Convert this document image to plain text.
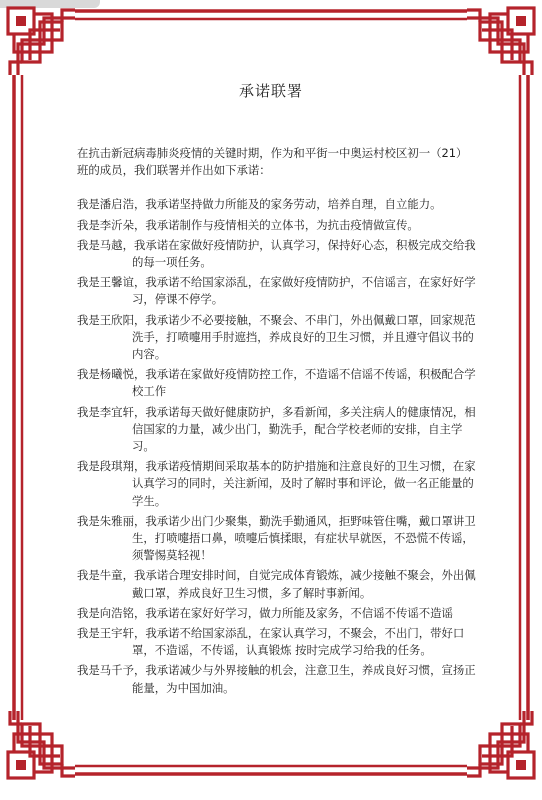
承诺联署

在抗击新冠病毒肺炎疫情的关键时期，作为和平街一中奥运村校区初一（21）班的成员，我们联署并作出如下承诺：

我是潘启浩，我承诺坚持做力所能及的家务劳动，培养自理，自立能力。

我是李沂朵，我承诺制作与疫情相关的立体书，为抗击疫情做宣传。

我是马越，我承诺在家做好疫情防护，认真学习，保持好心态，积极完成交给我的每一项任务。

我是王馨谊，我承诺不给国家添乱，在家做好疫情防护，不信谣言，在家好好学习，停课不停学。

我是王欣阳，我承诺少不必要接触，不聚会、不串门，外出佩戴口罩，回家规范洗手，打喷嚏用手肘遮挡，养成良好的卫生习惯，并且遵守倡议书的内容。

我是杨曦悦，我承诺在家做好疫情防控工作，不造谣不信谣不传谣，积极配合学校工作

我是李宜轩，我承诺每天做好健康防护，多看新闻，多关注病人的健康情况，相信国家的力量，减少出门，勤洗手，配合学校老师的安排，自主学习。

我是段琪翔，我承诺疫情期间采取基本的防护措施和注意良好的卫生习惯，在家认真学习的同时，关注新闻，及时了解时事和评论，做一名正能量的学生。

我是朱雅丽，我承诺少出门少聚集，勤洗手勤通风，拒野味管住嘴，戴口罩讲卫生，打喷嚏捂口鼻，喷嚏后慎揉眼，有症状早就医，不恐慌不传谣，须警惕莫轻视！

我是牛童，我承诺合理安排时间，自觉完成体育锻炼，减少接触不聚会，外出佩戴口罩，养成良好卫生习惯，多了解时事新闻。

我是向浩铭，我承诺在家好好学习，做力所能及家务，不信谣不传谣不造谣

我是王宇轩，我承诺不给国家添乱，在家认真学习，不聚会，不出门，带好口罩，不造谣，不传谣，认真锻炼 按时完成学习给我的任务。

我是马千予，我承诺减少与外界接触的机会，注意卫生，养成良好习惯，宣扬正能量，为中国加油。
